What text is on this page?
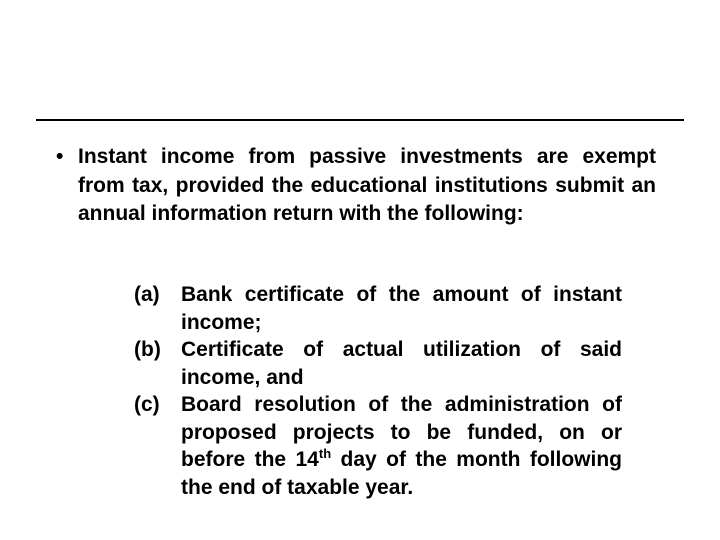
• Instant income from passive investments are exempt from tax, provided the educational institutions submit an annual information return with the following:
(a) Bank certificate of the amount of instant income;
(b) Certificate of actual utilization of said income, and
(c) Board resolution of the administration of proposed projects to be funded, on or before the 14th day of the month following the end of taxable year.
